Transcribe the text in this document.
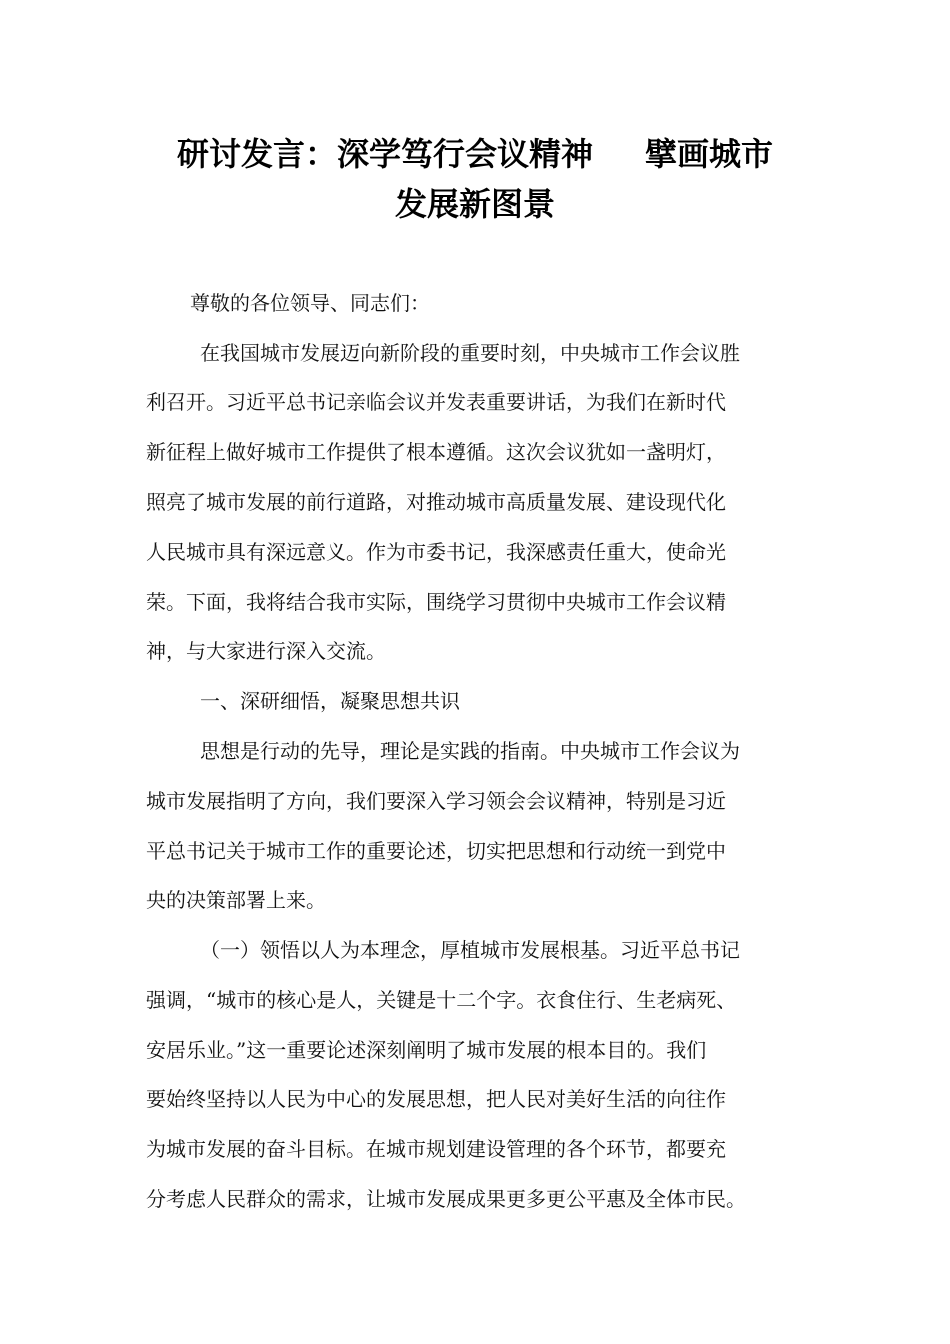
研讨发言：深学笃行会议精神 擘画城市
发展新图景
尊敬的各位领导、同志们：
在我国城市发展迈向新阶段的重要时刻，中央城市工作会议胜
利召开。习近平总书记亲临会议并发表重要讲话，为我们在新时代
新征程上做好城市工作提供了根本遵循。这次会议犹如一盏明灯，
照亮了城市发展的前行道路，对推动城市高质量发展、建设现代化
人民城市具有深远意义。作为市委书记，我深感责任重大，使命光
荣。下面，我将结合我市实际，围绕学习贯彻中央城市工作会议精
神，与大家进行深入交流。
一、深研细悟，凝聚思想共识
思想是行动的先导，理论是实践的指南。中央城市工作会议为
城市发展指明了方向，我们要深入学习领会会议精神，特别是习近
平总书记关于城市工作的重要论述，切实把思想和行动统一到党中
央的决策部署上来。
（一）领悟以人为本理念，厚植城市发展根基。习近平总书记
强调，“城市的核心是人，关键是十二个字。衣食住行、生老病死、
安居乐业。”这一重要论述深刻阐明了城市发展的根本目的。我们
要始终坚持以人民为中心的发展思想，把人民对美好生活的向往作
为城市发展的奋斗目标。在城市规划建设管理的各个环节，都要充
分考虑人民群众的需求，让城市发展成果更多更公平惠及全体市民。
